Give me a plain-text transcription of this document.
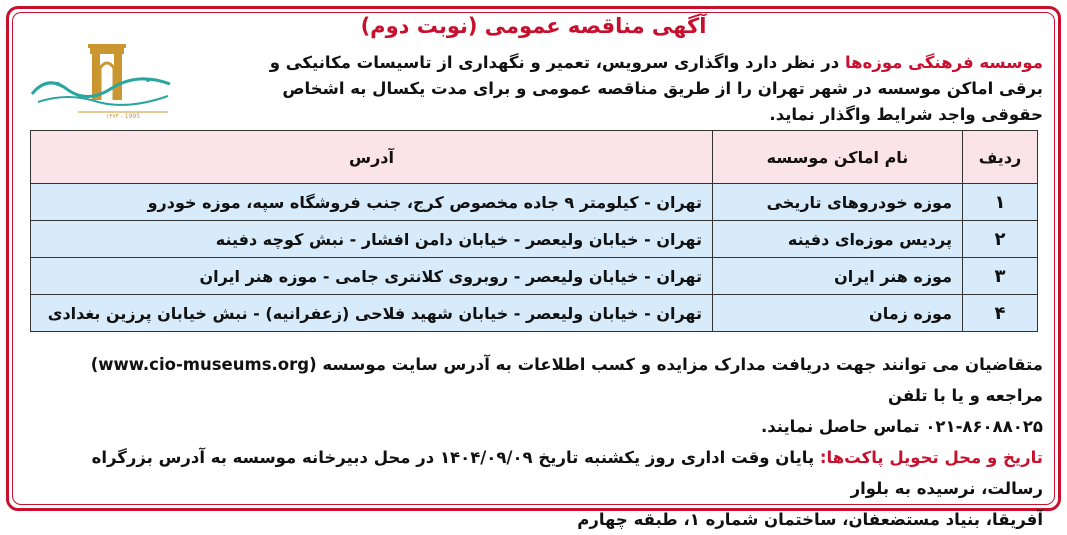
آگهی مناقصه عمومی (نوبت دوم)
۱۳۷۴ - 1995
موسسه فرهنگی موزه‌ها در نظر دارد واگذاری سرویس، تعمیر و نگهداری از تاسیسات مکانیکی و برقی اماکن موسسه در شهر تهران را از طریق مناقصه عمومی و برای مدت یکسال به اشخاص حقوقی واجد شرایط واگذار نماید.
ردیف	نام اماکن موسسه	آدرس
۱	موزه خودروهای تاریخی	تهران - کیلومتر ۹ جاده مخصوص کرج، جنب فروشگاه سپه، موزه خودرو
۲	پردیس موزه‌ای دفینه	تهران - خیابان ولیعصر - خیابان دامن افشار - نبش کوچه دفینه
۳	موزه هنر ایران	تهران - خیابان ولیعصر - روبروی کلانتری جامی - موزه هنر ایران
۴	موزه زمان	تهران - خیابان ولیعصر - خیابان شهید فلاحی (زعفرانیه) - نبش خیابان پرزین بغدادی

متقاضیان می توانند جهت دریافت مدارک مزایده و کسب اطلاعات به آدرس سایت موسسه (www.cio-museums.org) مراجعه و یا با تلفن

۰۲۱-۸۶۰۸۸۰۲۵ تماس حاصل نمایند.

تاریخ و محل تحویل پاکت‌ها: پایان وقت اداری روز یکشنبه تاریخ ۱۴۰۴/۰۹/۰۹ در محل دبیرخانه موسسه به آدرس بزرگراه رسالت، نرسیده به بلوار

آفریقا، بنیاد مستضعفان، ساختمان شماره ۱، طبقه چهارم
